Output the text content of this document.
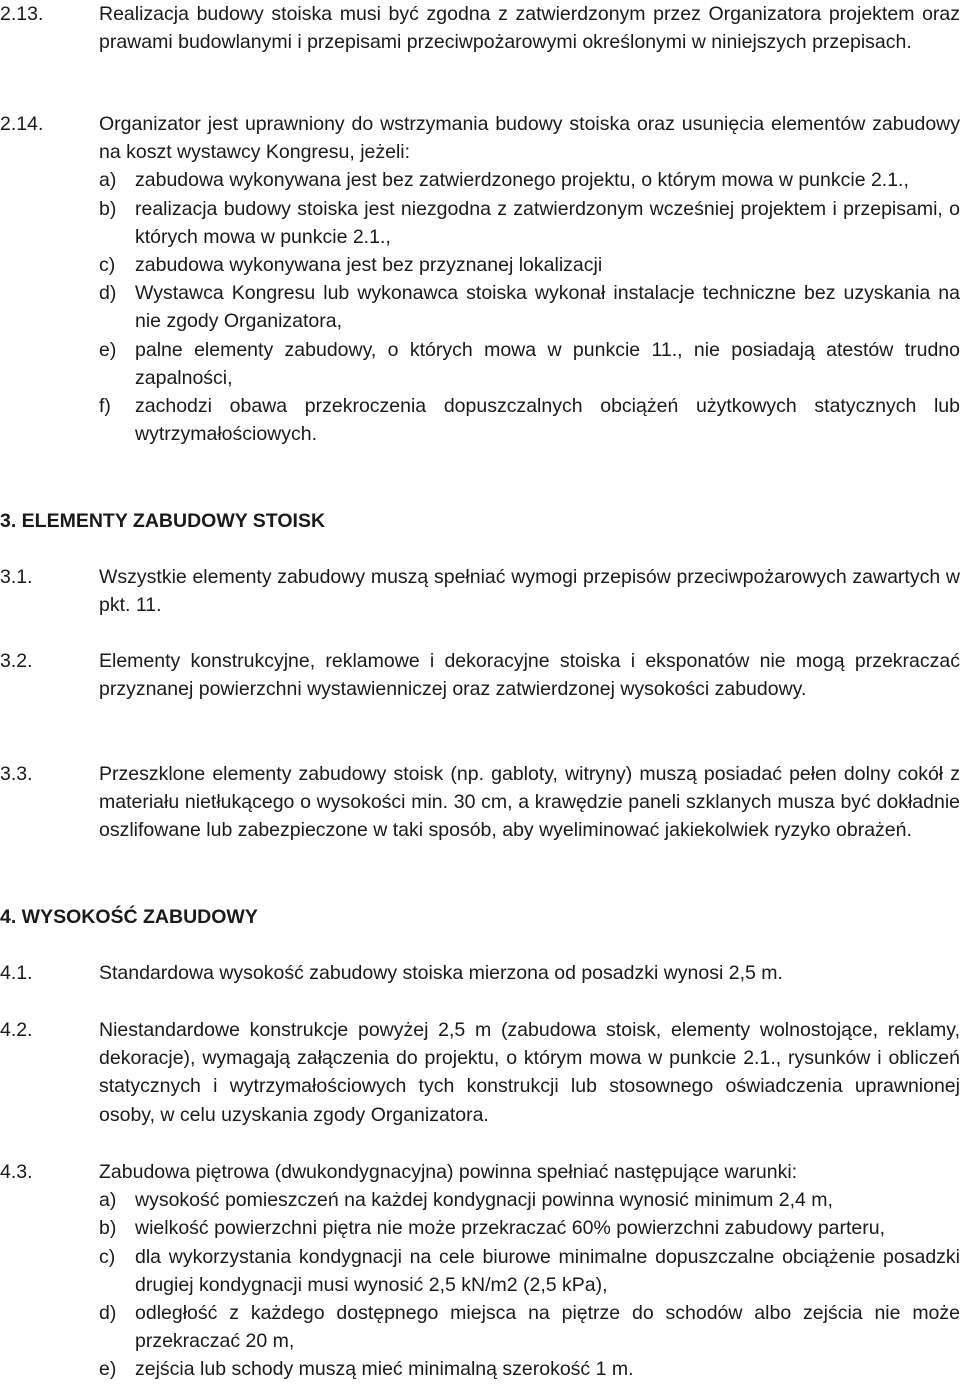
2.13.	Realizacja budowy stoiska musi być zgodna z zatwierdzonym przez Organizatora projektem oraz prawami budowlanymi i przepisami przeciwpożarowymi określonymi w niniejszych przepisach.
2.14.	Organizator jest uprawniony do wstrzymania budowy stoiska oraz usunięcia elementów zabudowy na koszt wystawcy Kongresu, jeżeli:
a) zabudowa wykonywana jest bez zatwierdzonego projektu, o którym mowa w punkcie 2.1.,
b) realizacja budowy stoiska jest niezgodna z zatwierdzonym wcześniej projektem i przepisami, o których mowa w punkcie 2.1.,
c) zabudowa wykonywana jest bez przyznanej lokalizacji
d) Wystawca Kongresu lub wykonawca stoiska wykonał instalacje techniczne bez uzyskania na nie zgody Organizatora,
e) palne elementy zabudowy, o których mowa w punkcie 11., nie posiadają atestów trudno zapalności,
f) zachodzi obawa przekroczenia dopuszczalnych obciążeń użytkowych statycznych lub wytrzymałościowych.
3. ELEMENTY ZABUDOWY STOISK
3.1.	Wszystkie elementy zabudowy muszą spełniać wymogi przepisów przeciwpożarowych zawartych w pkt. 11.
3.2.	Elementy konstrukcyjne, reklamowe i dekoracyjne stoiska i eksponatów nie mogą przekraczać przyznanej powierzchni wystawienniczej oraz zatwierdzonej wysokości zabudowy.
3.3.	Przeszklone elementy zabudowy stoisk (np. gabloty, witryny) muszą posiadać pełen dolny cokół z materiału nietłukącego o wysokości min. 30 cm, a krawędzie paneli szklanych musza być dokładnie oszlifowane lub zabezpieczone w taki sposób, aby wyeliminować jakiekolwiek ryzyko obrażeń.
4. WYSOKOŚĆ ZABUDOWY
4.1.	Standardowa wysokość zabudowy stoiska mierzona od posadzki wynosi 2,5 m.
4.2.	Niestandardowe konstrukcje powyżej 2,5 m (zabudowa stoisk, elementy wolnostojące, reklamy, dekoracje), wymagają załączenia do projektu, o którym mowa w punkcie 2.1., rysunków i obliczeń statycznych i wytrzymałościowych tych konstrukcji lub stosownego oświadczenia uprawnionej osoby, w celu uzyskania zgody Organizatora.
4.3.	Zabudowa piętrowa (dwukondygnacyjna) powinna spełniać następujące warunki:
a) wysokość pomieszczeń na każdej kondygnacji powinna wynosić minimum 2,4 m,
b) wielkość powierzchni piętra nie może przekraczać 60% powierzchni zabudowy parteru,
c) dla wykorzystania kondygnacji na cele biurowe minimalne dopuszczalne obciążenie posadzki drugiej kondygnacji musi wynosić 2,5 kN/m2 (2,5 kPa),
d) odległość z każdego dostępnego miejsca na piętrze do schodów albo zejścia nie może przekraczać 20 m,
e) zejścia lub schody muszą mieć minimalną szerokość 1 m.
